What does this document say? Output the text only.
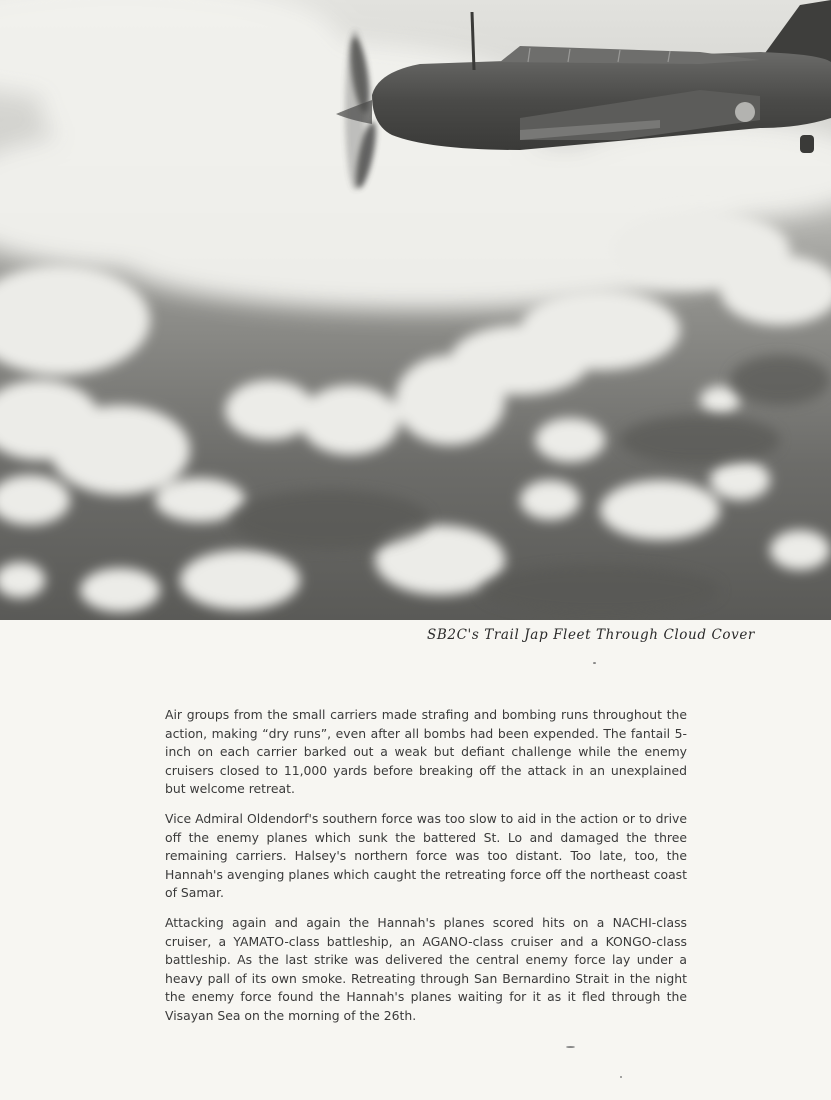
SB2C's Trail Jap Fleet Through Cloud Cover

Air groups from the small carriers made strafing and bombing runs throughout the action, making “dry runs”, even after all bombs had been expended. The fantail 5-inch on each carrier barked out a weak but defiant challenge while the enemy cruisers closed to 11,000 yards before breaking off the attack in an unexplained but welcome retreat.

Vice Admiral Oldendorf's southern force was too slow to aid in the action or to drive off the enemy planes which sunk the battered St. Lo and damaged the three remaining carriers. Halsey's northern force was too distant. Too late, too, the Hannah's avenging planes which caught the retreating force off the northeast coast of Samar.

Attacking again and again the Hannah's planes scored hits on a NACHI-class cruiser, a YAMATO-class battleship, an AGANO-class cruiser and a KONGO-class battleship. As the last strike was delivered the central enemy force lay under a heavy pall of its own smoke. Retreating through San Bernardino Strait in the night the enemy force found the Hannah's planes waiting for it as it fled through the Visayan Sea on the morning of the 26th.
